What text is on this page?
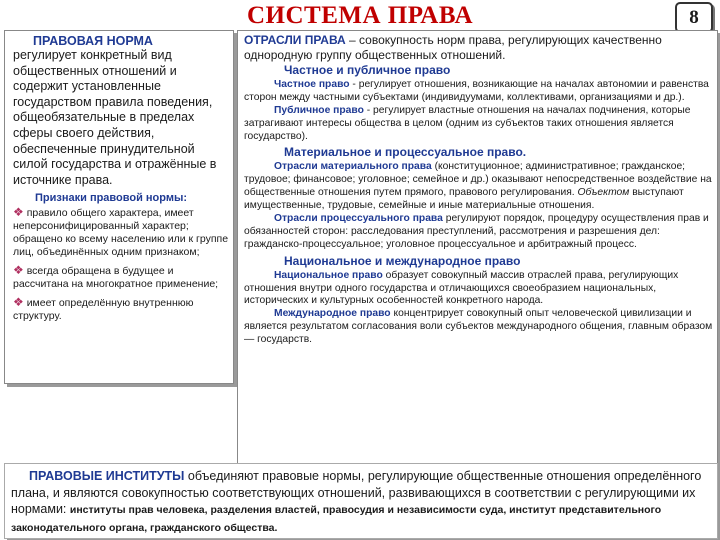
СИСТЕМА ПРАВА	8
ПРАВОВАЯ НОРМА
регулирует конкретный вид общественных отношений и содержит установленные государством правила поведения, общеобязательные в пределах сферы своего действия, обеспеченные принудительной силой государства и отражённые в источнике права.
Признаки правовой нормы:
❖ правило общего характера, имеет неперсонифицированный характер; обращено ко всему населению или к группе лиц, объединённых одним признаком;
❖ всегда обращена в будущее и рассчитана на многократное применение;
❖ имеет определённую внутреннюю структуру.
ОТРАСЛИ ПРАВА – совокупность норм права, регулирующих качественно однородную группу общественных отношений.
Частное и публичное право
Частное право - регулирует отношения, возникающие на началах автономии и равенства сторон между частными субъектами (индивидуумами, коллективами, организациями и др.).
Публичное право - регулирует властные отношения на началах подчинения, которые затрагивают интересы общества в целом (одним из субъектов таких отношения является государство).
Материальное и процессуальное право.
Отрасли материального права (конституционное; административное; гражданское; трудовое; финансовое; уголовное; семейное и др.) оказывают непосредственное воздействие на общественные отношения путем прямого, правового регулирования. Объектом выступают имущественные, трудовые, семейные и иные материальные отношения.
Отрасли процессуального права регулируют порядок, процедуру осуществления прав и обязанностей сторон: расследования преступлений, рассмотрения и разрешения дел: гражданско-процессуальное; уголовное процессуальное и арбитражный процесс.
Национальное и международное право
Национальное право образует совокупный массив отраслей права, регулирующих отношения внутри одного государства и отличающихся своеобразием национальных, исторических и культурных особенностей конкретного народа.
Международное право концентрирует совокупный опыт человеческой цивилизации и является результатом согласования воли субъектов международного общения, главным образом — государств.
ПРАВОВЫЕ ИНСТИТУТЫ объединяют правовые нормы, регулирующие общественные отношения определённого плана, и являются совокупностью соответствующих отношений, развивающихся в соответствии с регулирующими их нормами: институты прав человека, разделения властей, правосудия и независимости суда, институт представительного законодательного органа, гражданского общества.
